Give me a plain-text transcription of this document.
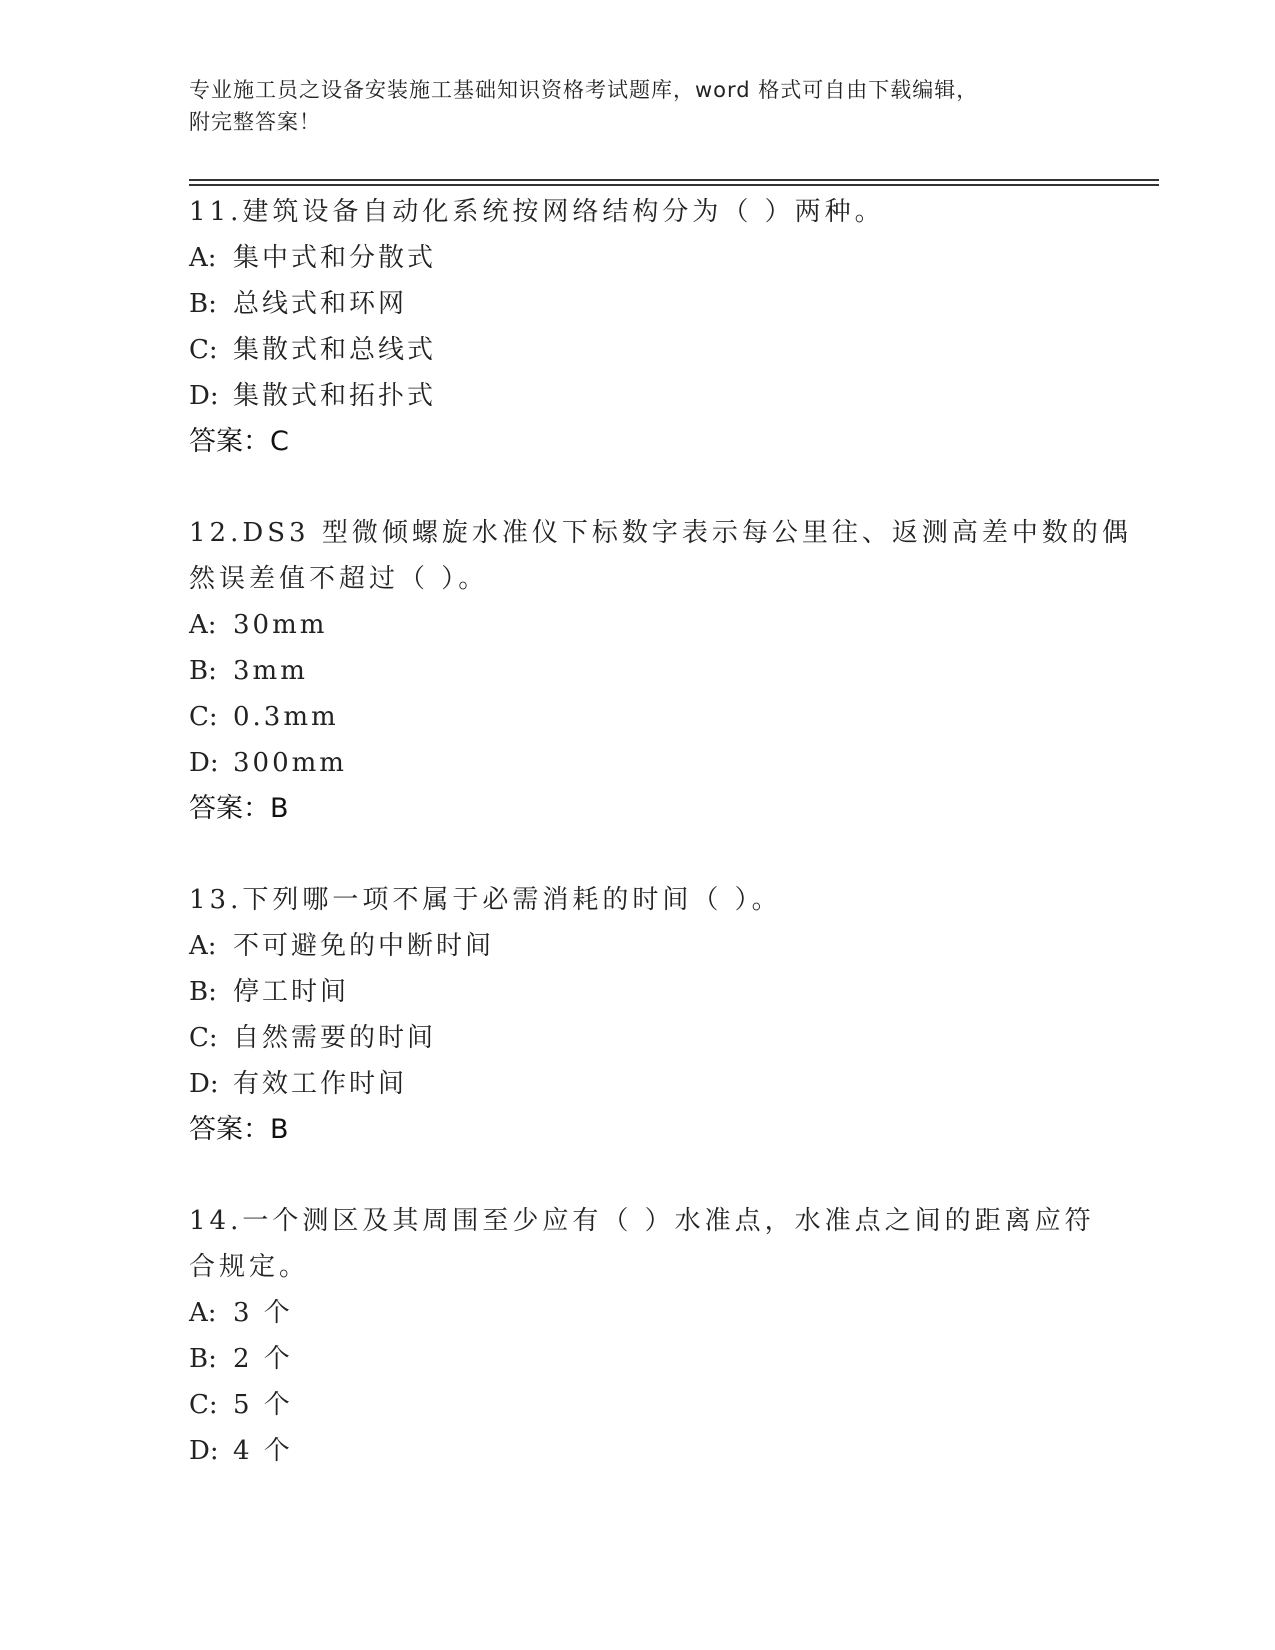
专业施工员之设备安装施工基础知识资格考试题库，word 格式可自由下载编辑，
附完整答案！
11.建筑设备自动化系统按网络结构分为（ ）两种。
A: 集中式和分散式
B: 总线式和环网
C: 集散式和总线式
D: 集散式和拓扑式
答案：C
12.DS3 型微倾螺旋水准仪下标数字表示每公里往、返测高差中数的偶
然误差值不超过（ ）。
A: 30mm
B: 3mm
C: 0.3mm
D: 300mm
答案：B
13.下列哪一项不属于必需消耗的时间（ ）。
A: 不可避免的中断时间
B: 停工时间
C: 自然需要的时间
D: 有效工作时间
答案：B
14.一个测区及其周围至少应有（ ）水准点，水准点之间的距离应符
合规定。
A: 3 个
B: 2 个
C: 5 个
D: 4 个
